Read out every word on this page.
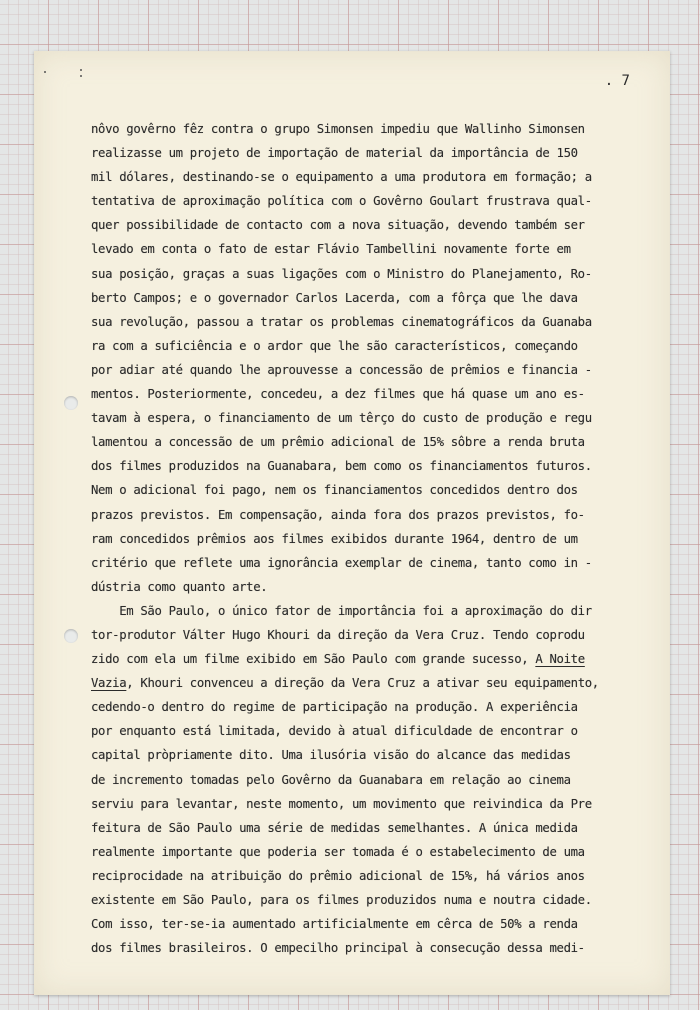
. 7
nôvo govêrno fêz contra o grupo Simonsen impediu que Wallinho Simonsen
realizasse um projeto de importação de material da importância de 150
mil dólares, destinando-se o equipamento a uma produtora em formação; a
tentativa de aproximação política com o Govêrno Goulart frustrava qual-
quer possibilidade de contacto com a nova situação, devendo também ser
levado em conta o fato de estar Flávio Tambellini novamente forte em
sua posição, graças a suas ligações com o Ministro do Planejamento, Ro-
berto Campos; e o governador Carlos Lacerda, com a fôrça que lhe dava
sua revolução, passou a tratar os problemas cinematográficos da Guanaba
ra com a suficiência e o ardor que lhe são característicos, começando
por adiar até quando lhe aprouvesse a concessão de prêmios e financia -
mentos. Posteriormente, concedeu, a dez filmes que há quase um ano es-
tavam à espera, o financiamento de um têrço do custo de produção e regu
lamentou a concessão de um prêmio adicional de 15% sôbre a renda bruta
dos filmes produzidos na Guanabara, bem como os financiamentos futuros.
Nem o adicional foi pago, nem os financiamentos concedidos dentro dos
prazos previstos. Em compensação, ainda fora dos prazos previstos, fo-
ram concedidos prêmios aos filmes exibidos durante 1964, dentro de um
critério que reflete uma ignorância exemplar de cinema, tanto como in -
dústria como quanto arte.
Em São Paulo, o único fator de importância foi a aproximação do dir
tor-produtor Válter Hugo Khouri da direção da Vera Cruz. Tendo coprodu
zido com ela um filme exibido em São Paulo com grande sucesso, A Noite
Vazia, Khouri convenceu a direção da Vera Cruz a ativar seu equipamento,
cedendo-o dentro do regime de participação na produção. A experiência
por enquanto está limitada, devido à atual dificuldade de encontrar o
capital pròpriamente dito. Uma ilusória visão do alcance das medidas
de incremento tomadas pelo Govêrno da Guanabara em relação ao cinema
serviu para levantar, neste momento, um movimento que reivindica da Pre
feitura de São Paulo uma série de medidas semelhantes. A única medida
realmente importante que poderia ser tomada é o estabelecimento de uma
reciprocidade na atribuição do prêmio adicional de 15%, há vários anos
existente em São Paulo, para os filmes produzidos numa e noutra cidade.
Com isso, ter-se-ia aumentado artificialmente em cêrca de 50% a renda
dos filmes brasileiros. O empecilho principal à consecução dessa medi-
